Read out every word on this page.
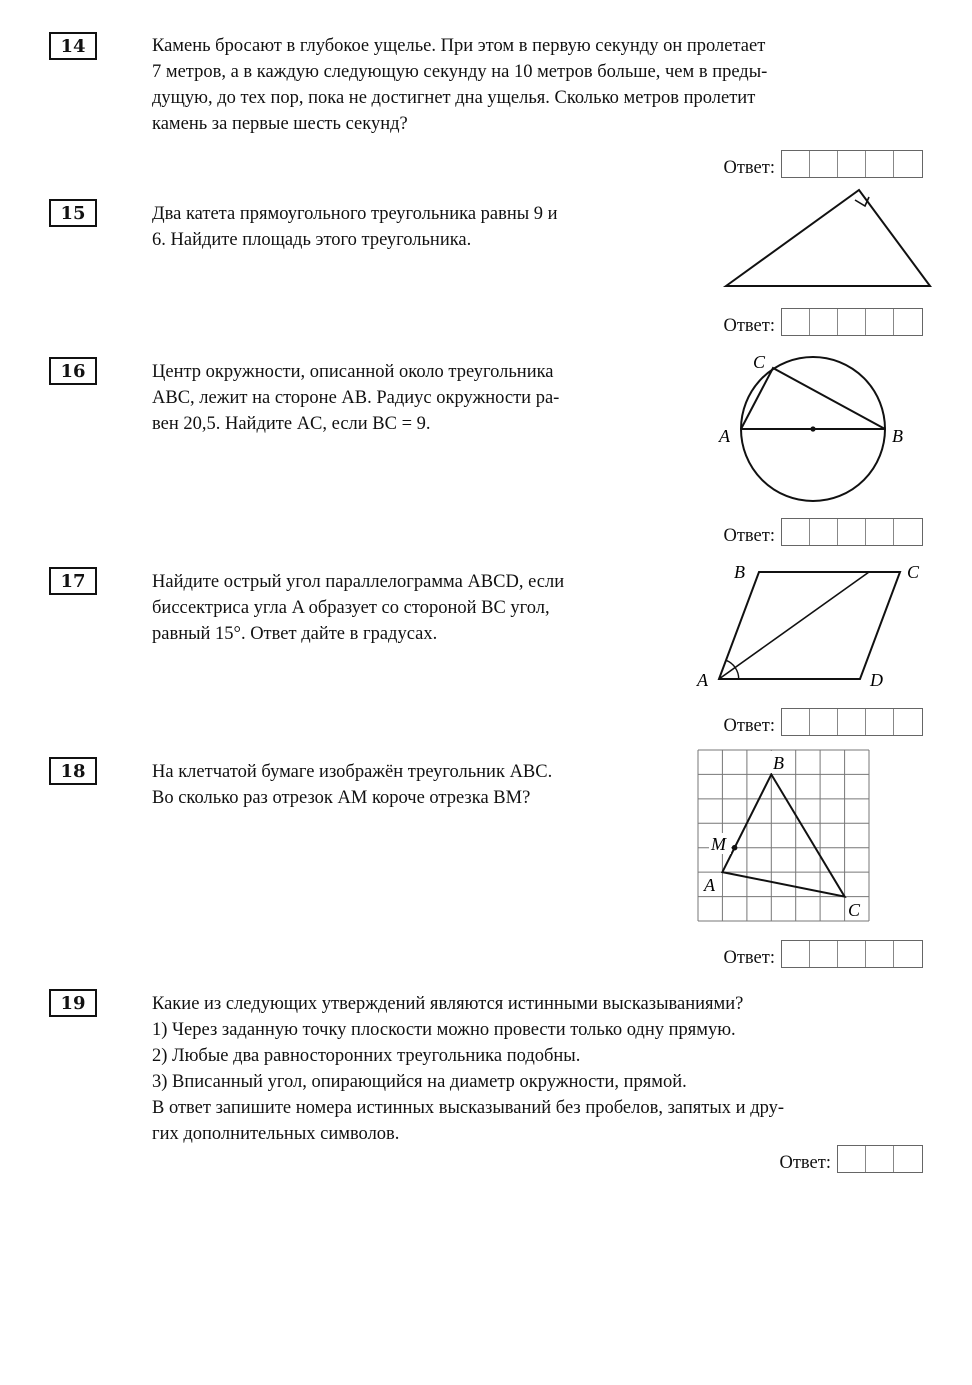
14	Камень бросают в глубокое ущелье. При этом в первую секунду он пролетает

7 метров, а в каждую следующую секунду на 10 метров больше, чем в преды-

дущую, до тех пор, пока не достигнет дна ущелья. Сколько метров пролетит

камень за первые шесть секунд?

Ответ:
15	Два катета прямоугольного треугольника равны 9 и

6. Найдите площадь этого треугольника.

Ответ:
16	Центр окружности, описанной около треугольника

ABC, лежит на стороне AB. Радиус окружности ра-

вен 20,5. Найдите AC, если BC = 9.

A	B
C
Ответ:
17	Найдите острый угол параллелограмма ABCD, если

биссектриса угла A образует со стороной BC угол,

равный 15°. Ответ дайте в градусах.

A
B	C
D
Ответ:
18	На клетчатой бумаге изображён треугольник ABC.

Во сколько раз отрезок AM короче отрезка BM?

B
M
A
C
Ответ:
19	Какие из следующих утверждений являются истинными высказываниями?

1) Через заданную точку плоскости можно провести только одну прямую.

2) Любые два равносторонних треугольника подобны.

3) Вписанный угол, опирающийся на диаметр окружности, прямой.

В ответ запишите номера истинных высказываний без пробелов, запятых и дру-

гих дополнительных символов.

Ответ:
